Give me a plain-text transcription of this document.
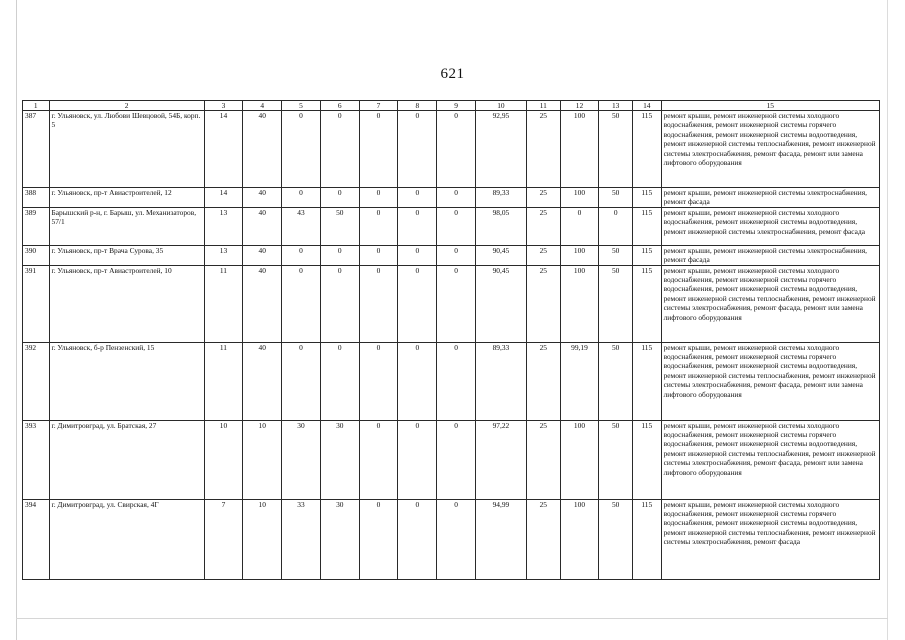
621
1	2	3	4	5	6	7	8	9	10	11	12	13	14	15
387	г. Ульяновск, ул. Любови Шевцовой, 54Б, корп. 5	14	40	0	0	0	0	0	92,95	25	100	50	115	ремонт крыши, ремонт инженерной системы холодного водоснабжения, ремонт инженерной системы горячего водоснабжения, ремонт инженерной системы водоотведения, ремонт инженерной системы теплоснабжения, ремонт инженерной системы электроснабжения, ремонт фасада, ремонт или замена лифтового оборудования
388	г. Ульяновск, пр-т Авиастроителей, 12	14	40	0	0	0	0	0	89,33	25	100	50	115	ремонт крыши, ремонт инженерной системы электроснабжения, ремонт фасада
389	Барышский р-н, г. Барыш, ул. Механизаторов, 57/1	13	40	43	50	0	0	0	98,05	25	0	0	115	ремонт крыши, ремонт инженерной системы холодного водоснабжения, ремонт инженерной системы водоотведения, ремонт инженерной системы электроснабжения, ремонт фасада
390	г. Ульяновск, пр-т Врача Сурова, 35	13	40	0	0	0	0	0	90,45	25	100	50	115	ремонт крыши, ремонт инженерной системы электроснабжения, ремонт фасада
391	г. Ульяновск, пр-т Авиастроителей, 10	11	40	0	0	0	0	0	90,45	25	100	50	115	ремонт крыши, ремонт инженерной системы холодного водоснабжения, ремонт инженерной системы горячего водоснабжения, ремонт инженерной системы водоотведения, ремонт инженерной системы теплоснабжения, ремонт инженерной системы электроснабжения, ремонт фасада, ремонт или замена лифтового оборудования
392	г. Ульяновск, б-р Пензенский, 15	11	40	0	0	0	0	0	89,33	25	99,19	50	115	ремонт крыши, ремонт инженерной системы холодного водоснабжения, ремонт инженерной системы горячего водоснабжения, ремонт инженерной системы водоотведения, ремонт инженерной системы теплоснабжения, ремонт инженерной системы электроснабжения, ремонт фасада, ремонт или замена лифтового оборудования
393	г. Димитровград, ул. Братская, 27	10	10	30	30	0	0	0	97,22	25	100	50	115	ремонт крыши, ремонт инженерной системы холодного водоснабжения, ремонт инженерной системы горячего водоснабжения, ремонт инженерной системы водоотведения, ремонт инженерной системы теплоснабжения, ремонт инженерной системы электроснабжения, ремонт фасада, ремонт или замена лифтового оборудования
394	г. Димитровград, ул. Свирская, 4Г	7	10	33	30	0	0	0	94,99	25	100	50	115	ремонт крыши, ремонт инженерной системы холодного водоснабжения, ремонт инженерной системы горячего водоснабжения, ремонт инженерной системы водоотведения, ремонт инженерной системы теплоснабжения, ремонт инженерной системы электроснабжения, ремонт фасада
